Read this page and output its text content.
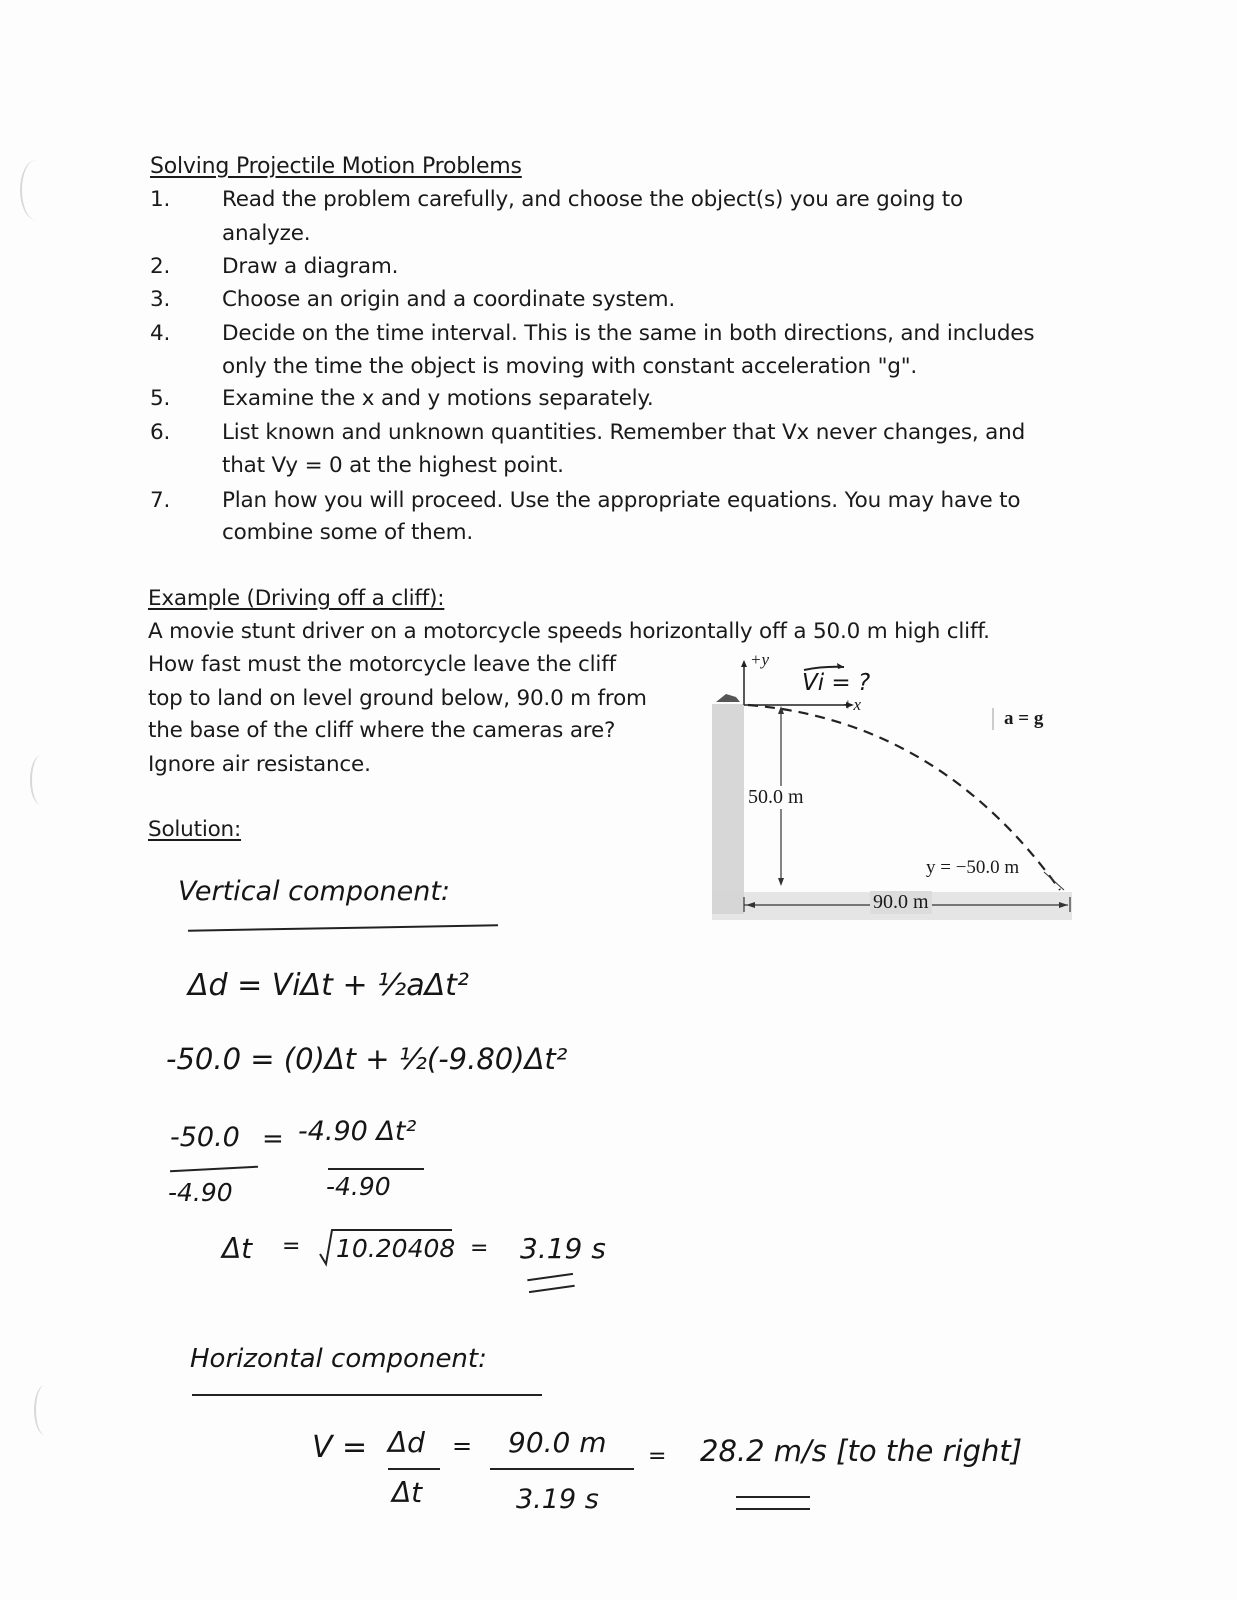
Solving Projectile Motion Problems
1. Read the problem carefully, and choose the object(s) you are going to
analyze.
2. Draw a diagram.
3. Choose an origin and a coordinate system.
4. Decide on the time interval. This is the same in both directions, and includes
only the time the object is moving with constant acceleration "g".
5. Examine the x and y motions separately.
6. List known and unknown quantities. Remember that Vx never changes, and
that Vy = 0 at the highest point.
7. Plan how you will proceed. Use the appropriate equations. You may have to
combine some of them.
Example (Driving off a cliff):
A movie stunt driver on a motorcycle speeds horizontally off a 50.0 m high cliff.
How fast must the motorcycle leave the cliff
top to land on level ground below, 90.0 m from
the base of the cliff where the cameras are?
Ignore air resistance.
+y
Vi = ?
+x
a = g
50.0 m
y = −50.0 m
90.0 m
Solution:
Vertical component:
Δd = ViΔt + ½aΔt²
-50.0 = (0)Δt + ½(-9.80)Δt²
-50.0 = -4.90 Δt²
-4.90	-4.90
Δt = 10.20408 = 3.19 s
Horizontal component:
V = Δd
Δt
= 90.0 m
3.19 s
= 28.2 m/s [to the right]
